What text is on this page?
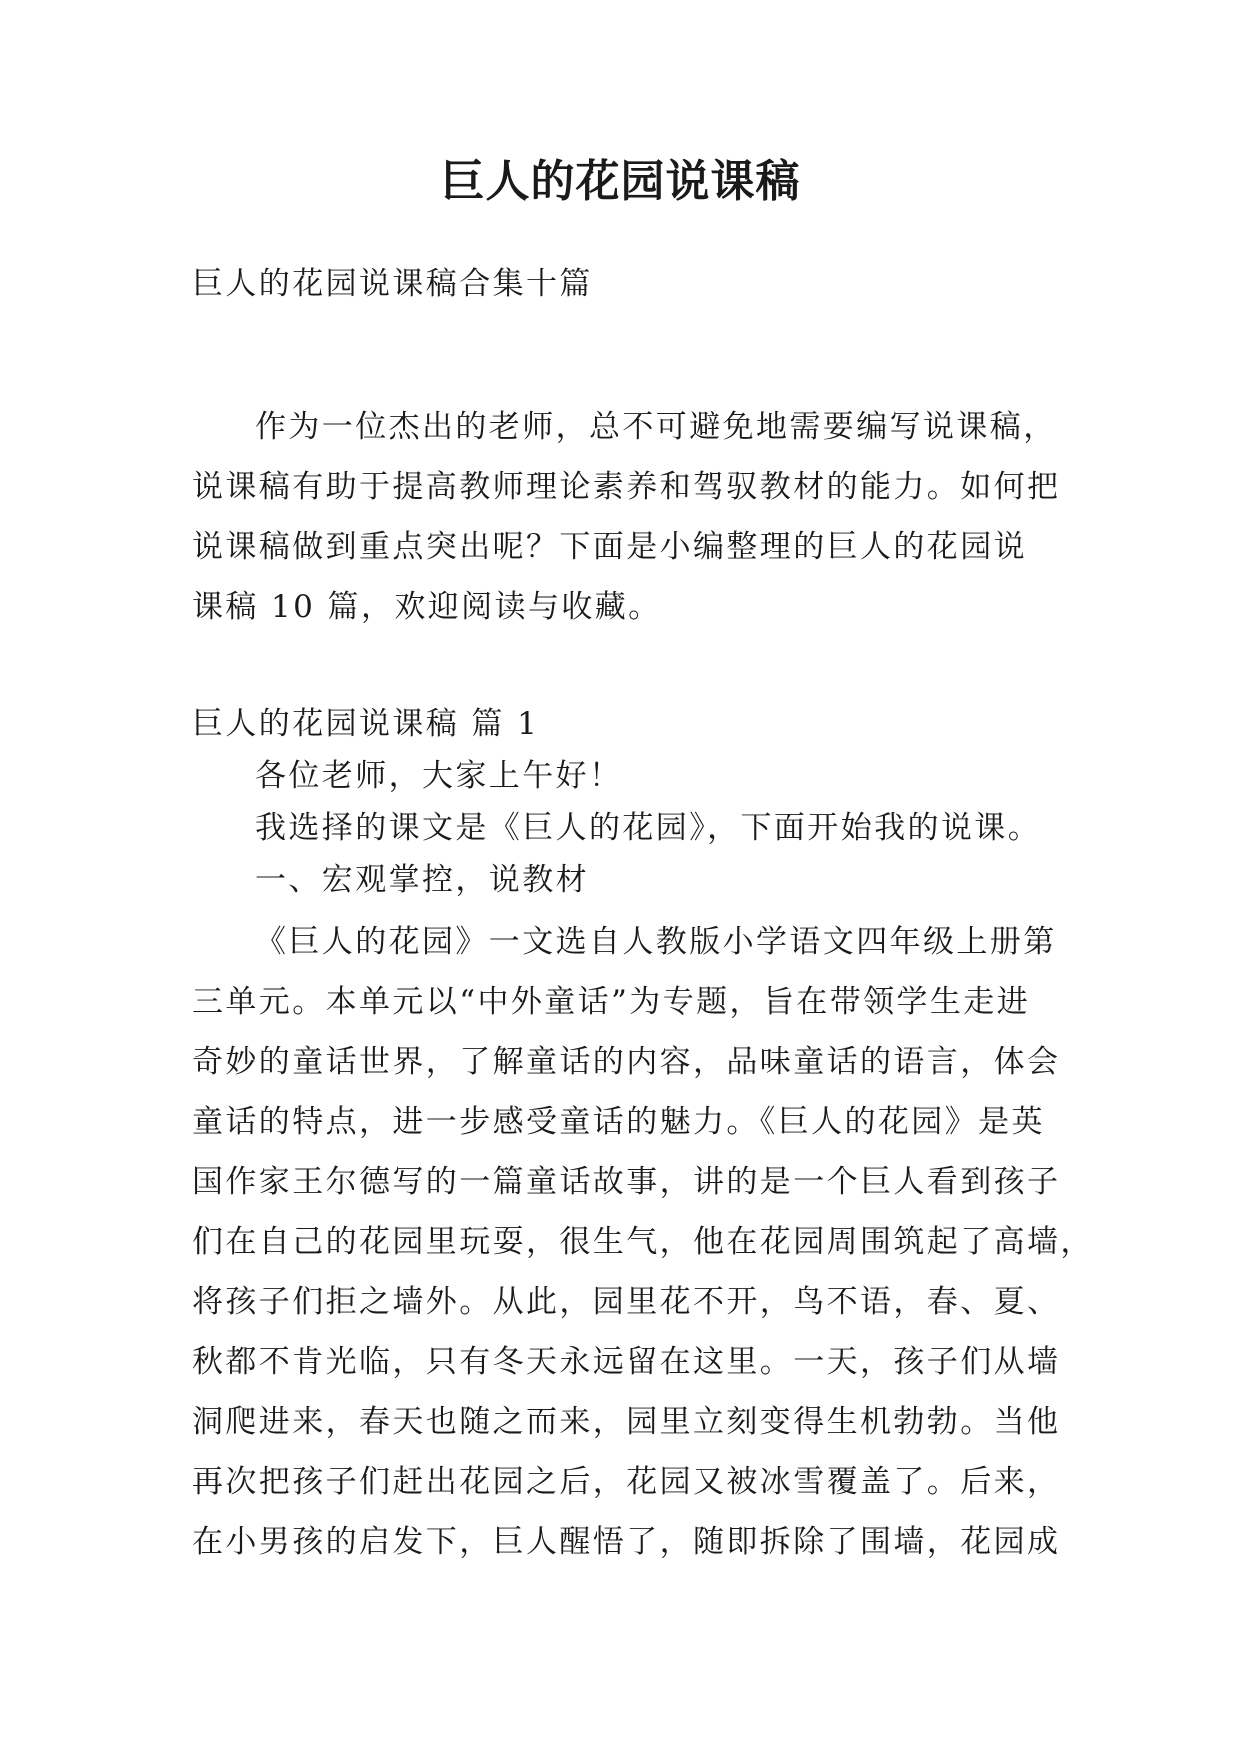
巨人的花园说课稿
巨人的花园说课稿合集十篇
作为一位杰出的老师，总不可避免地需要编写说课稿，
说课稿有助于提高教师理论素养和驾驭教材的能力。如何把
说课稿做到重点突出呢？下面是小编整理的巨人的花园说
课稿 10 篇，欢迎阅读与收藏。
巨人的花园说课稿 篇 1
各位老师，大家上午好！
我选择的课文是《巨人的花园》，下面开始我的说课。
一、宏观掌控，说教材
《巨人的花园》一文选自人教版小学语文四年级上册第
三单元。本单元以“中外童话”为专题，旨在带领学生走进
奇妙的童话世界，了解童话的内容，品味童话的语言，体会
童话的特点，进一步感受童话的魅力。《巨人的花园》是英
国作家王尔德写的一篇童话故事，讲的是一个巨人看到孩子
们在自己的花园里玩耍，很生气，他在花园周围筑起了高墙，
将孩子们拒之墙外。从此，园里花不开，鸟不语，春、夏、
秋都不肯光临，只有冬天永远留在这里。一天，孩子们从墙
洞爬进来，春天也随之而来，园里立刻变得生机勃勃。当他
再次把孩子们赶出花园之后，花园又被冰雪覆盖了。后来，
在小男孩的启发下，巨人醒悟了，随即拆除了围墙，花园成
